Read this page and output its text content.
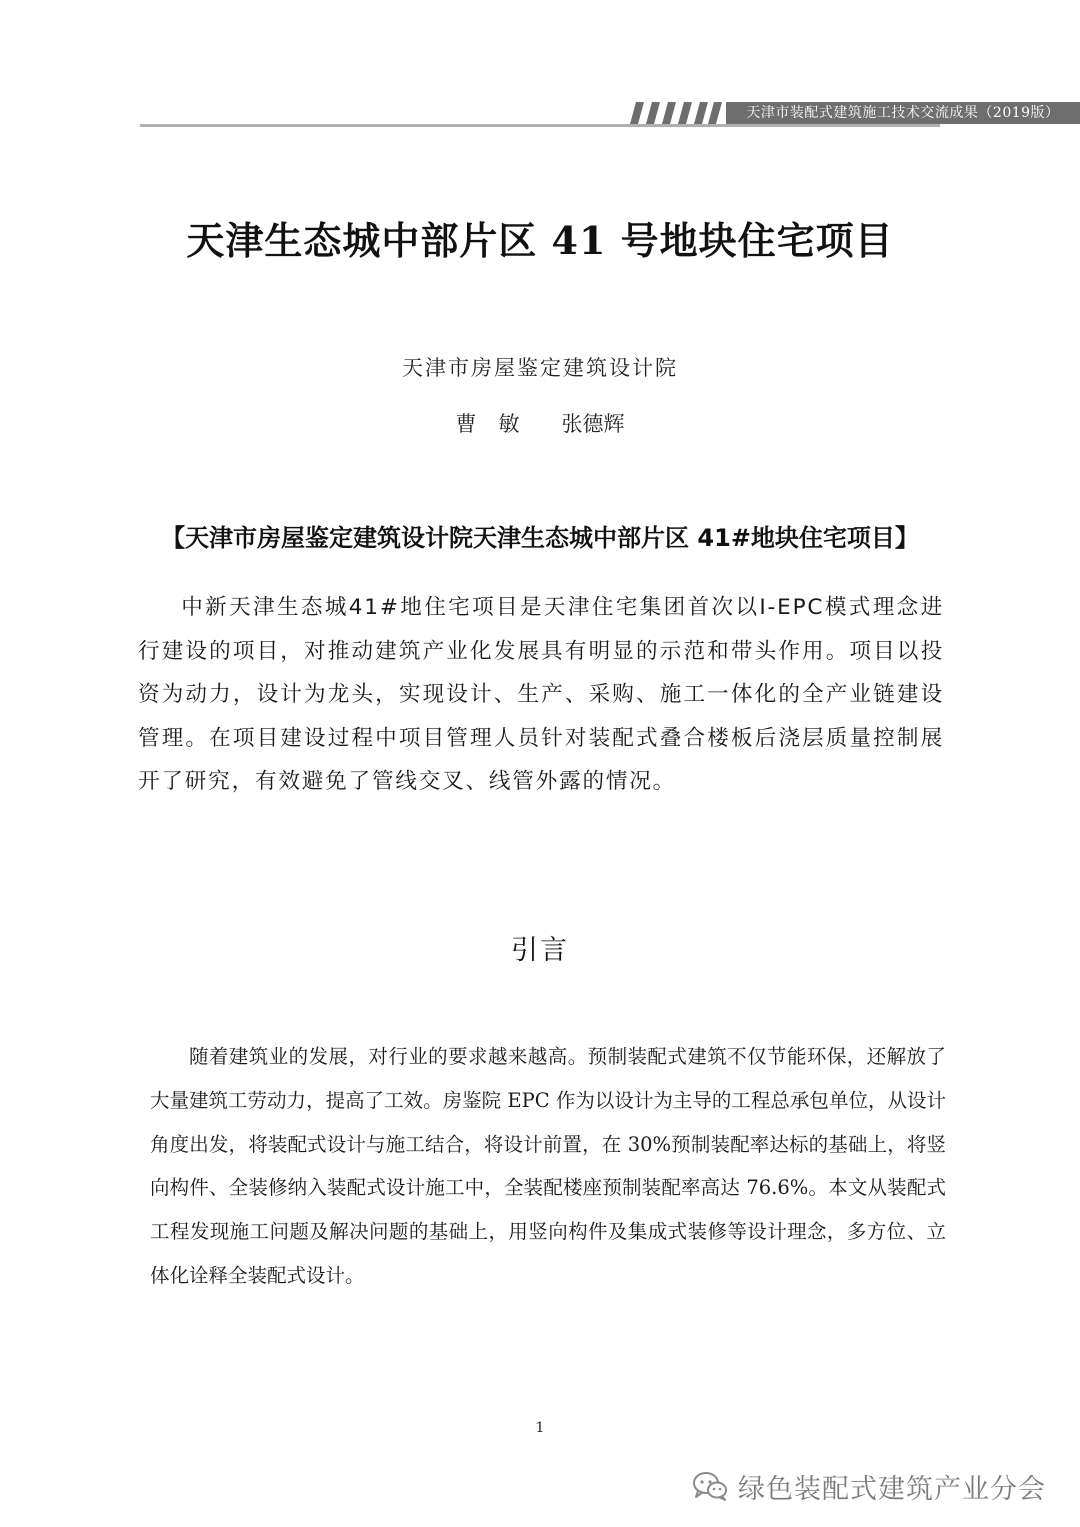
天津市装配式建筑施工技术交流成果（2019版）
天津生态城中部片区 41 号地块住宅项目
天津市房屋鉴定建筑设计院
曹敏 张德辉
【天津市房屋鉴定建筑设计院天津生态城中部片区 41#地块住宅项目】

中新天津生态城41#地住宅项目是天津住宅集团首次以I-EPC模式理念进行建设的项目，对推动建筑产业化发展具有明显的示范和带头作用。项目以投资为动力，设计为龙头，实现设计、生产、采购、施工一体化的全产业链建设管理。在项目建设过程中项目管理人员针对装配式叠合楼板后浇层质量控制展开了研究，有效避免了管线交叉、线管外露的情况。

引言

随着建筑业的发展，对行业的要求越来越高。预制装配式建筑不仅节能环保，还解放了大量建筑工劳动力，提高了工效。房鉴院 EPC 作为以设计为主导的工程总承包单位，从设计角度出发，将装配式设计与施工结合，将设计前置，在 30%预制装配率达标的基础上，将竖向构件、全装修纳入装配式设计施工中，全装配楼座预制装配率高达 76.6%。本文从装配式工程发现施工问题及解决问题的基础上，用竖向构件及集成式装修等设计理念，多方位、立体化诠释全装配式设计。

1
绿色装配式建筑产业分会
